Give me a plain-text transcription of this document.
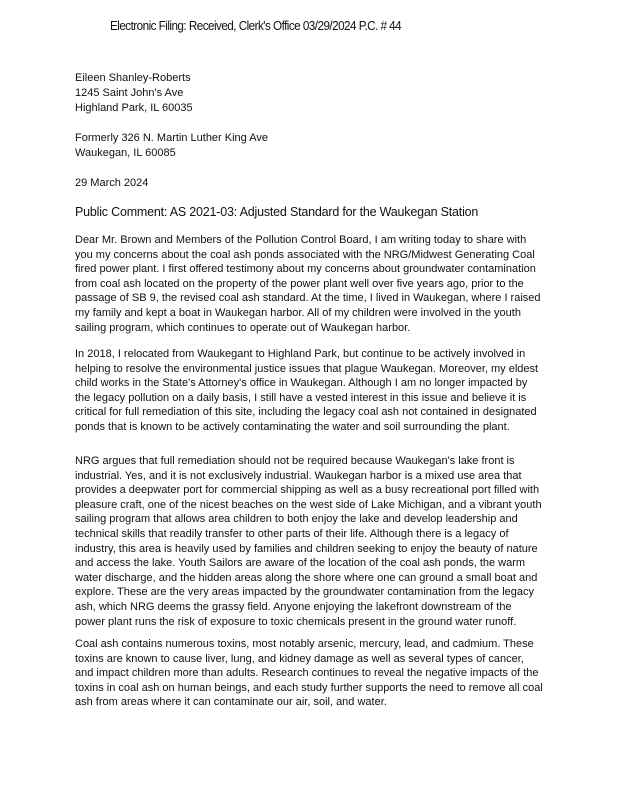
Electronic Filing: Received, Clerk's Office 03/29/2024 P.C. # 44
Eileen Shanley-Roberts
1245 Saint John's Ave
Highland Park, IL 60035
Formerly 326 N. Martin Luther King Ave
Waukegan, IL 60085
29 March 2024
Public Comment: AS 2021-03: Adjusted Standard for the Waukegan Station
Dear Mr. Brown and Members of the Pollution Control Board, I am writing today to share with
you my concerns about the coal ash ponds associated with the NRG/Midwest Generating Coal
fired power plant. I first offered testimony about my concerns about groundwater contamination
from coal ash located on the property of the power plant well over five years ago, prior to the
passage of SB 9, the revised coal ash standard. At the time, I lived in Waukegan, where I raised
my family and kept a boat in Waukegan harbor. All of my children were involved in the youth
sailing program, which continues to operate out of Waukegan harbor.
In 2018, I relocated from Waukegant to Highland Park, but continue to be actively involved in
helping to resolve the environmental justice issues that plague Waukegan. Moreover, my eldest
child works in the State's Attorney's office in Waukegan. Although I am no longer impacted by
the legacy pollution on a daily basis, I still have a vested interest in this issue and believe it is
critical for full remediation of this site, including the legacy coal ash not contained in designated
ponds that is known to be actively contaminating the water and soil surrounding the plant.
NRG argues that full remediation should not be required because Waukegan's lake front is
industrial. Yes, and it is not exclusively industrial. Waukegan harbor is a mixed use area that
provides a deepwater port for commercial shipping as well as a busy recreational port filled with
pleasure craft, one of the nicest beaches on the west side of Lake Michigan, and a vibrant youth
sailing program that allows area children to both enjoy the lake and develop leadership and
technical skills that readily transfer to other parts of their life. Although there is a legacy of
industry, this area is heavily used by families and children seeking to enjoy the beauty of nature
and access the lake. Youth Sailors are aware of the location of the coal ash ponds, the warm
water discharge, and the hidden areas along the shore where one can ground a small boat and
explore. These are the very areas impacted by the groundwater contamination from the legacy
ash, which NRG deems the grassy field. Anyone enjoying the lakefront downstream of the
power plant runs the risk of exposure to toxic chemicals present in the ground water runoff.
Coal ash contains numerous toxins, most notably arsenic, mercury, lead, and cadmium. These
toxins are known to cause liver, lung, and kidney damage as well as several types of cancer,
and impact children more than adults. Research continues to reveal the negative impacts of the
toxins in coal ash on human beings, and each study further supports the need to remove all coal
ash from areas where it can contaminate our air, soil, and water.
